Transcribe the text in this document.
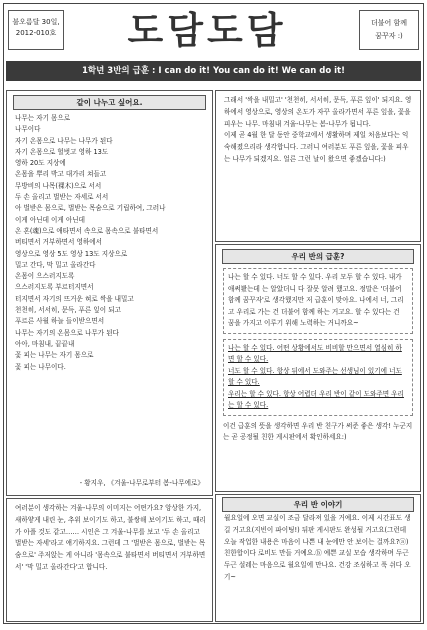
불오름달 30일,
2012-010호	도담도담	더불어 함께
꿈꾸자 :)
1학년 3반의 급훈 : I can do it! You can do it! We can do it!
같이 나누고 싶어요.
나무는 자기 몸으로
나무이다
자기 온몸으로 나무는 나무가 된다
자기 온몸으로 헐벗고 영하 13도
영하 20도 지상에
온몸을 뿌리 박고 대가리 쳐들고
무방비의 나목(裸木)으로 서서
두 손 올리고 벌받는 자세로 서서
아 벌받은 몸으로, 벌받는 목숨으로 기립하여, 그러나
이게 아닌데 이게 아닌데
온 혼(魂)으로 애타면서 속으로 몸속으로 불타면서
버티면서 거부하면서 영하에서
영상으로 영상 5도 영상 13도 지상으로
밀고 간다, 막 밀고 올라간다
온몸이 으스러지도록
으스러지도록 부르터지면서
터지면서 자기의 뜨거운 혀로 싹을 내밀고
천천히, 서서히, 문득, 푸른 잎이 되고
푸르른 사월 하늘 들이받으면서
나무는 자기의 온몸으로 나무가 된다
아아, 마침내, 끝끝내
꽃 피는 나무는 자기 몸으로
꽃 피는 나무이다.
- 황지우, 《겨울-나무로부터 봄-나무에로》
여러분이 생각하는 겨울-나무의 이미지는 어떤가요? 앙상한 가지, 새하얗게 내린 눈, 추위 보이기도 하고, 불쌍해 보이기도 하고, 때리가 아플 것도 같고…… 시인은 그 겨울-나무를 보고 '두 손 올리고 벌받는 자세'라고 얘기하지요. 그런데 그 '벌받은 몸으로, 벌받는 목숨으로' 주저앉는 게 아니라 '몸속으로 불타면서 버티면서 거부하면서' '막 밀고 올라간다'고 합니다.
그래서 '싹을 내밀고' '천천히, 서서히, 문득, 푸른 잎이' 되지요. 영하에서 영상으로, 영상의 온도가 자꾸 올라가면서 푸른 잎을, 꽃을 피우는 나무. 마침내 겨울-나무는 봄-나무가 됩니다.
이제 곧 4월 한 달 동안 중학교에서 생활하며 제일 처음보다는 익숙해졌으리라 생각합니다. 그러니 여러분도 푸른 잎을, 꽃을 피우는 나무가 되겠지요. 얼른 그런 날이 왔으면 좋겠습니다:)
우리 반의 급훈?
나는 할 수 있다. 너도 할 수 있다. 우리 모두 할 수 있다. 내가 애써봤는데 는 알았더니 다 잘못 알려 했고요. 정말은 '더불어 함께 꿈꾸자'로 생각했지만 저 급훈이 맞아요. 나에서 너, 그리고 우리로 가는 건 더불어 함께 하는 거고요. 할 수 있다는 건 꿈을 가지고 이루기 위해 노력하는 거니까요~
나는 할 수 있다. 어떤 상황에서도 비비할 만으면서 열심히 하면 할 수 있다.
너도 할 수 있다. 항상 뒤에서 도와주는 선생님이 있기에 너도 할 수 있다.
우리는 할 수 있다. 항상 어렵더 우리 반이 같이 도와주면 우리는 할 수 있다.
이건 급훈의 뜻을 생각하면 우리 반 친구가 써준 좋은 생각! 누군지는 곧 공정될 친한 게시판에서 확인하세요:)
우리 반 이야기
월요일에 오면 교실이 조금 달라져 있을 거예요. 이제 시간표도 생길 거고요(지빈이 파이팅!) 뒤판 게시판도 완성될 거고요(그런데 오늘 작업한 내용은 마음이 나쁜 내 눈에만 안 보이는 걸까요?ⓐ) 친한합이다 로비도 만들 거예요.ⓑ 예쁜 교실 모습 생각하며 두근두근 설레는 마음으로 월요일에 만나요. 건강 조심하고 푹 쉬다 오기~
